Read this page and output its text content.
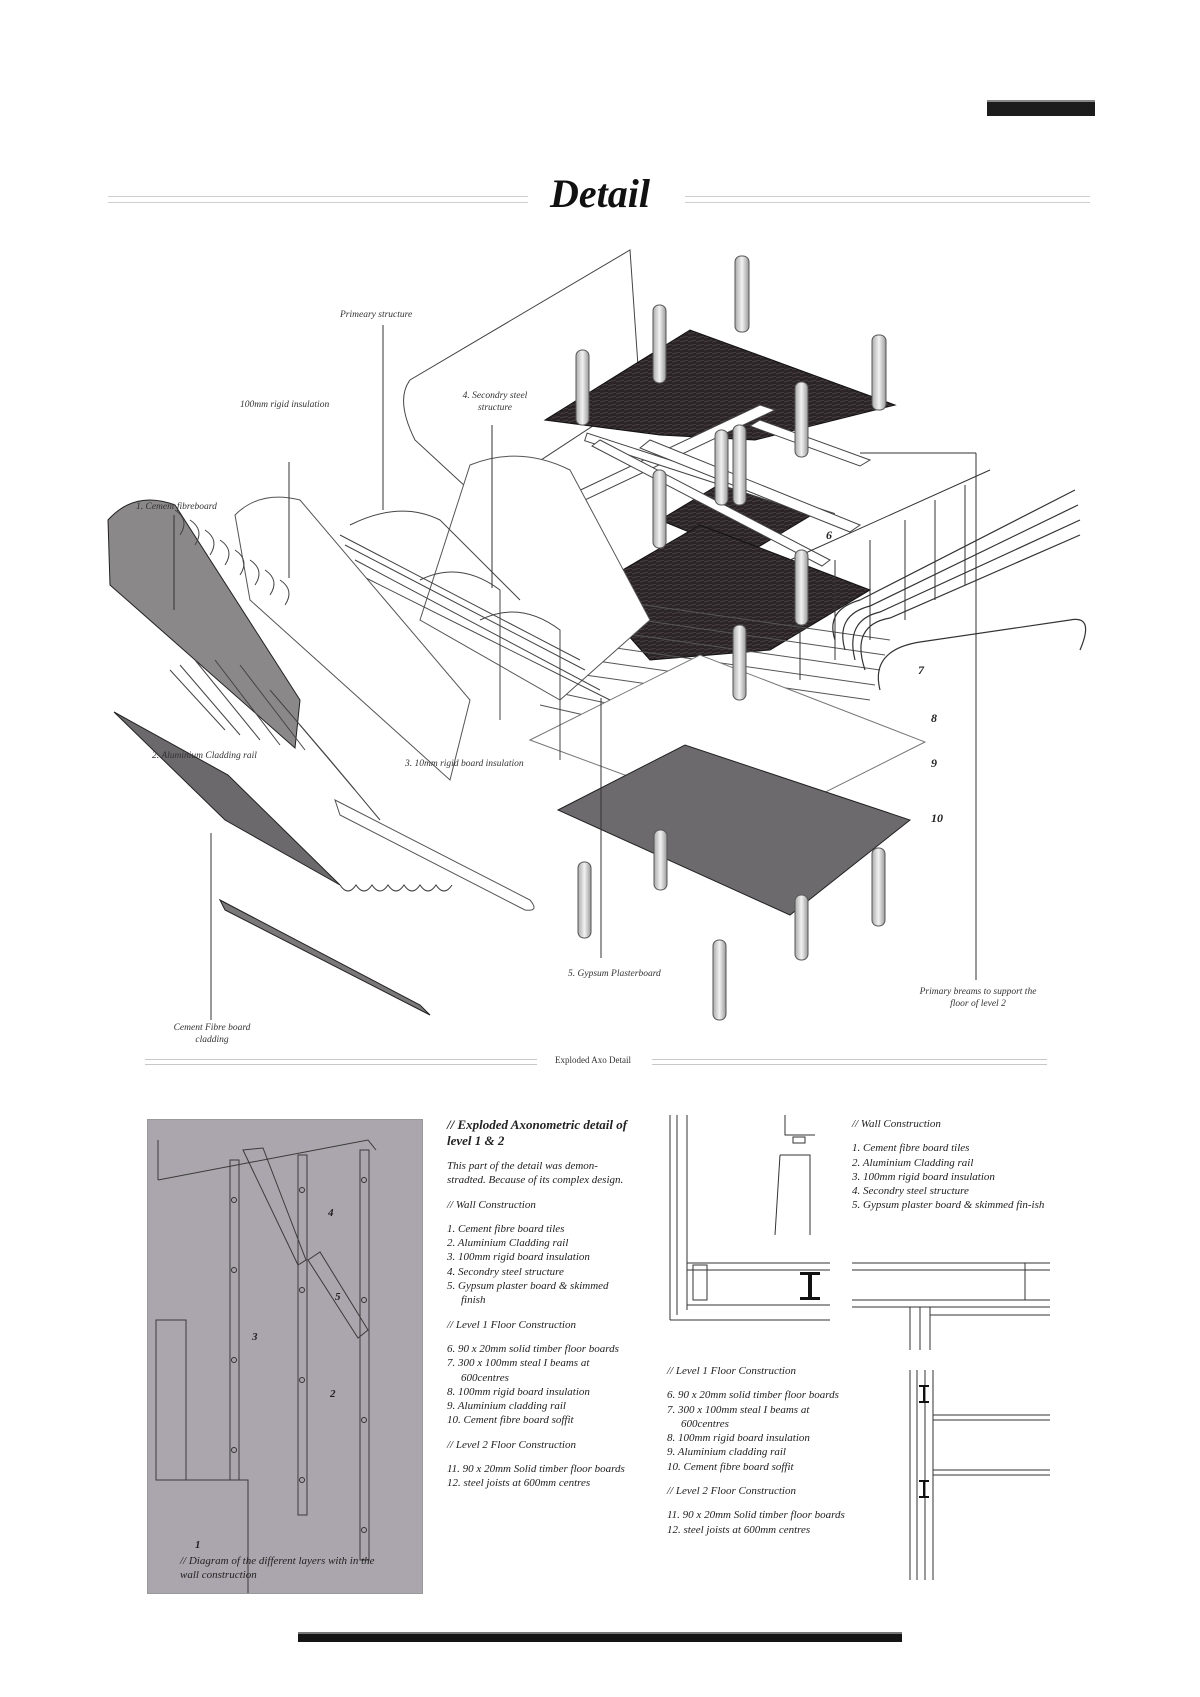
Detail
Primeary structure
100mm rigid insulation
4. Secondry steel structure
1. Cement fibreboard
2. Aluminium Cladding rail
3. 10mm rigid board insulation
5. Gypsum Plasterboard
Cement Fibre board cladding
Primary breams to support the floor of level 2
6
7
8
9
10
Exploded Axo Detail
1
2
3
4
5
// Diagram of the different layers with in the wall construction
// Exploded Axonometric detail of level 1 & 2
This part of the detail was demon-stradted. Because of its complex design.
// Wall Construction
1. Cement fibre board tiles
2. Aluminium Cladding rail
3. 100mm rigid board insulation
4. Secondry steel structure
5. Gypsum plaster board & skimmed finish
// Level 1 Floor Construction
6. 90 x 20mm solid timber floor boards
7. 300 x 100mm steal I beams at 600centres
8. 100mm rigid board insulation
9. Aluminium cladding rail
10. Cement fibre board soffit
// Level 2 Floor Construction
11. 90 x 20mm Solid timber floor boards
12. steel joists at 600mm centres
// Wall Construction
1. Cement fibre board tiles
2. Aluminium Cladding rail
3. 100mm rigid board insulation
4. Secondry steel structure
5. Gypsum plaster board & skimmed fin-ish
// Level 1 Floor Construction
6. 90 x 20mm solid timber floor boards
7. 300 x 100mm steal I beams at 600centres
8. 100mm rigid board insulation
9. Aluminium cladding rail
10. Cement fibre board soffit
// Level 2 Floor Construction
11. 90 x 20mm Solid timber floor boards
12. steel joists at 600mm centres
